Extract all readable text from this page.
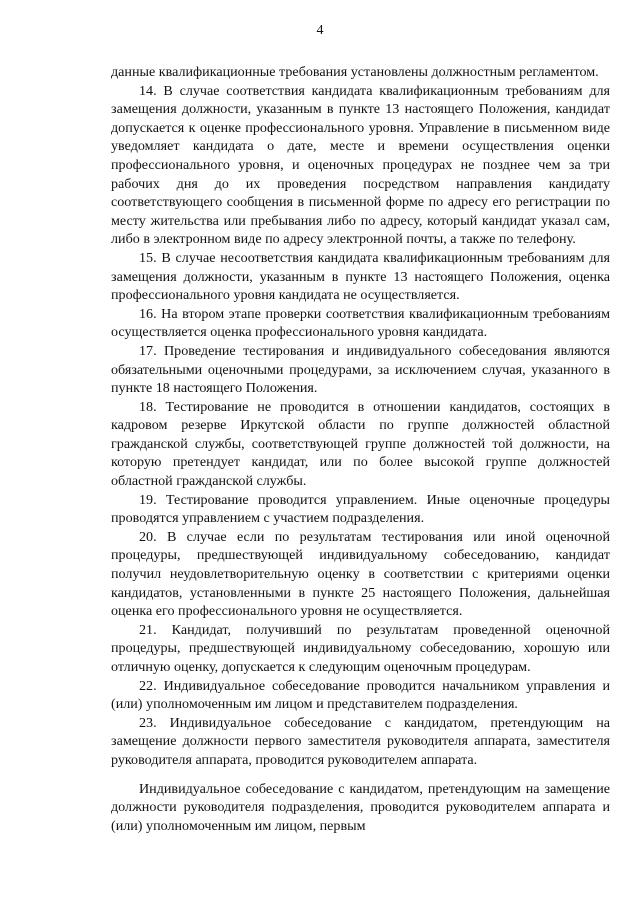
4

данные квалификационные требования установлены должностным регламентом.

14. В случае соответствия кандидата квалификационным требованиям для замещения должности, указанным в пункте 13 настоящего Положения, кандидат допускается к оценке профессионального уровня. Управление в письменном виде уведомляет кандидата о дате, месте и времени осуществления оценки профессионального уровня, и оценочных процедурах не позднее чем за три рабочих дня до их проведения посредством направления кандидату соответствующего сообщения в письменной форме по адресу его регистрации по месту жительства или пребывания либо по адресу, который кандидат указал сам, либо в электронном виде по адресу электронной почты, а также по телефону.

15. В случае несоответствия кандидата квалификационным требованиям для замещения должности, указанным в пункте 13 настоящего Положения, оценка профессионального уровня кандидата не осуществляется.

16. На втором этапе проверки соответствия квалификационным требованиям осуществляется оценка профессионального уровня кандидата.

17. Проведение тестирования и индивидуального собеседования являются обязательными оценочными процедурами, за исключением случая, указанного в пункте 18 настоящего Положения.

18. Тестирование не проводится в отношении кандидатов, состоящих в кадровом резерве Иркутской области по группе должностей областной гражданской службы, соответствующей группе должностей той должности, на которую претендует кандидат, или по более высокой группе должностей областной гражданской службы.

19. Тестирование проводится управлением. Иные оценочные процедуры проводятся управлением с участием подразделения.

20. В случае если по результатам тестирования или иной оценочной процедуры, предшествующей индивидуальному собеседованию, кандидат получил неудовлетворительную оценку в соответствии с критериями оценки кандидатов, установленными в пункте 25 настоящего Положения, дальнейшая оценка его профессионального уровня не осуществляется.

21. Кандидат, получивший по результатам проведенной оценочной процедуры, предшествующей индивидуальному собеседованию, хорошую или отличную оценку, допускается к следующим оценочным процедурам.

22. Индивидуальное собеседование проводится начальником управления и (или) уполномоченным им лицом и представителем подразделения.

23. Индивидуальное собеседование с кандидатом, претендующим на замещение должности первого заместителя руководителя аппарата, заместителя руководителя аппарата, проводится руководителем аппарата.

Индивидуальное собеседование с кандидатом, претендующим на замещение должности руководителя подразделения, проводится руководителем аппарата и (или) уполномоченным им лицом, первым
